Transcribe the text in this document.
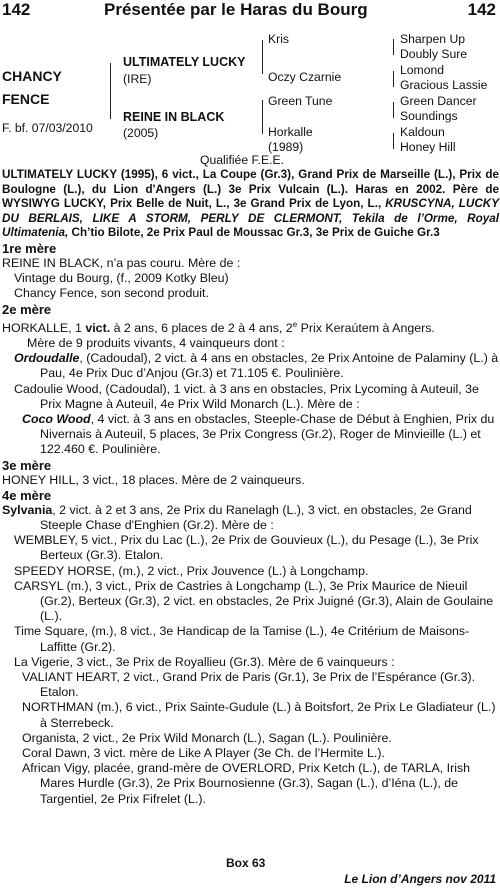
142	Présentée par le Haras du Bourg	142
CHANCY
FENCE
F. bf. 07/03/2010
ULTIMATELY LUCKY
(IRE)
REINE IN BLACK
(2005)
Kris
Oczy Czarnie
Green Tune
Horkalle
(1989)
Sharpen Up
Doubly Sure
Lomond
Gracious Lassie
Green Dancer
Soundings
Kaldoun
Honey Hill
Qualifiée F.E.E.

ULTIMATELY LUCKY (1995), 6 vict., La Coupe (Gr.3), Grand Prix de Marseille (L.), Prix de Boulogne (L.), du Lion d'Angers (L.) 3e Prix Vulcain (L.). Haras en 2002. Père de WYSIWYG LUCKY, Prix Belle de Nuit, L., 3e Grand Prix de Lyon, L., KRUSCYNA, LUCKY DU BERLAIS, LIKE A STORM, PERLY DE CLERMONT, Tekila de l’Orme, Royal Ultimatenia, Ch’tio Bilote, 2e Prix Paul de Moussac Gr.3, 3e Prix de Guiche Gr.3

1re mère

REINE IN BLACK, n’a pas couru. Mère de :

Vintage du Bourg, (f., 2009 Kotky Bleu)

Chancy Fence, son second produit.

2e mère

HORKALLE, 1 vict. à 2 ans, 6 places de 2 à 4 ans, 2e Prix Keraútem à Angers.

Mère de 9 produits vivants, 4 vainqueurs dont :

Ordoudalle, (Cadoudal), 2 vict. à 4 ans en obstacles, 2e Prix Antoine de Palaminy (L.) à Pau, 4e Prix Duc d’Anjou (Gr.3) et 71.105 €. Poulinière.

Cadoulie Wood, (Cadoudal), 1 vict. à 3 ans en obstacles, Prix Lycoming à Auteuil, 3e Prix Magne à Auteuil, 4e Prix Wild Monarch (L.). Mère de :

Coco Wood, 4 vict. à 3 ans en obstacles, Steeple-Chase de Début à Enghien, Prix du Nivernais à Auteuil, 5 places, 3e Prix Congress (Gr.2), Roger de Minvieille (L.) et 122.460 €. Poulinière.

3e mère

HONEY HILL, 3 vict., 18 places. Mère de 2 vainqueurs.

4e mère

Sylvania, 2 vict. à 2 et 3 ans, 2e Prix du Ranelagh (L.), 3 vict. en obstacles, 2e Grand Steeple Chase d'Enghien (Gr.2). Mère de :

WEMBLEY, 5 vict., Prix du Lac (L.), 2e Prix de Gouvieux (L.), du Pesage (L.), 3e Prix Berteux (Gr.3). Etalon.

SPEEDY HORSE, (m.), 2 vict., Prix Jouvence (L.) à Longchamp.

CARSYL (m.), 3 vict., Prix de Castries à Longchamp (L.), 3e Prix Maurice de Nieuil (Gr.2), Berteux (Gr.3), 2 vict. en obstacles, 2e Prix Juigné (Gr.3), Alain de Goulaine (L.).

Time Square, (m.), 8 vict., 3e Handicap de la Tamise (L.), 4e Critérium de Maisons-Laffitte (Gr.2).

La Vigerie, 3 vict., 3e Prix de Royallieu (Gr.3). Mère de 6 vainqueurs :

VALIANT HEART, 2 vict., Grand Prix de Paris (Gr.1), 3e Prix de l’Espérance (Gr.3). Etalon.

NORTHMAN (m.), 6 vict., Prix Sainte-Gudule (L.) à Boitsfort, 2e Prix Le Gladiateur (L.) à Sterrebeck.

Organista, 2 vict., 2e Prix Wild Monarch (L.), Sagan (L.). Poulinière.

Coral Dawn, 3 vict. mère de Like A Player (3e Ch. de l’Hermite L.).

African Vigy, placée, grand-mère de OVERLORD, Prix Ketch (L.), de TARLA, Irish Mares Hurdle (Gr.3), 2e Prix Bournosienne (Gr.3), Sagan (L.), d’Iéna (L.), de Targentiel, 2e Prix Fifrelet (L.).

Box 63
Le Lion d’Angers nov 2011
